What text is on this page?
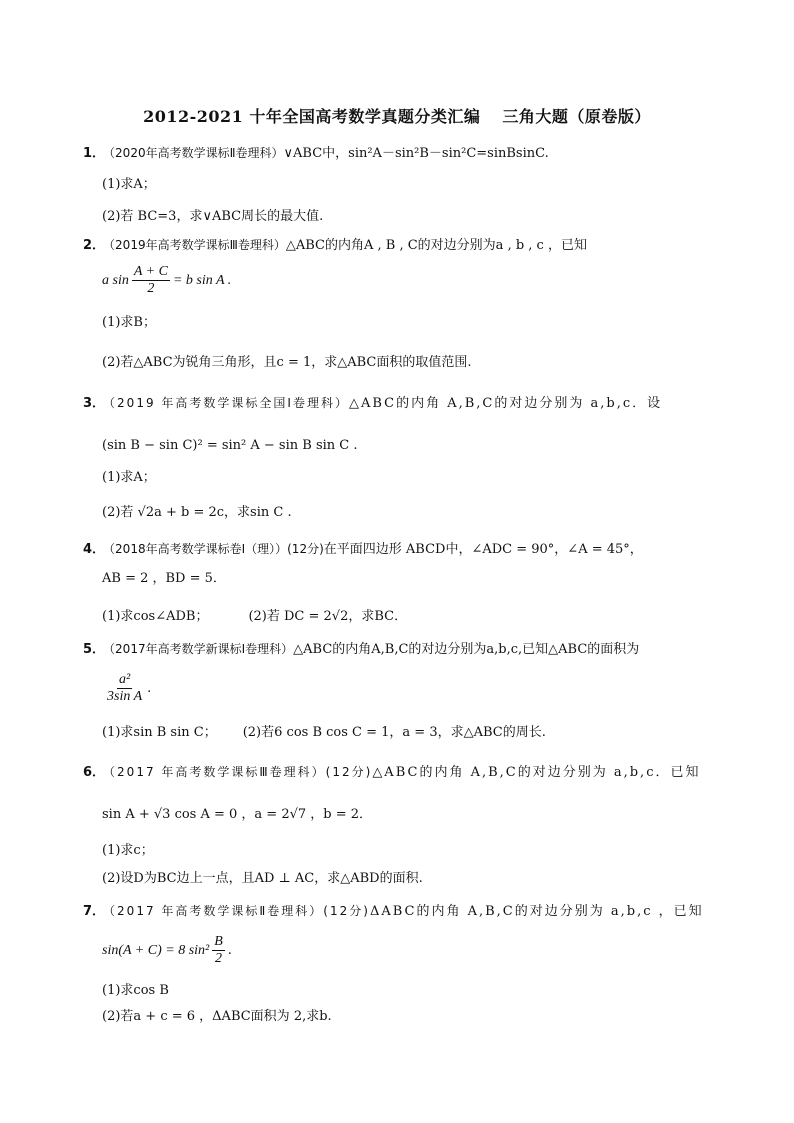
2012-2021 十年全国高考数学真题分类汇编 三角大题（原卷版）
1． （2020年高考数学课标Ⅱ卷理科）∨ABC中，sin²A－sin²B－sin²C=sinBsinC.
(1)求A；
(2)若 BC=3，求∨ABC周长的最大值.
2． （2019年高考数学课标Ⅲ卷理科）△ABC的内角A , B , C的对边分别为a , b , c ，已知
a $\sin \frac{A + C}{2} = b$ sin A .
(1)求B；
(2)若△ABC为锐角三角形，且c = 1，求△ABC面积的取值范围.
3． （2019 年高考数学课标全国Ⅰ卷理科）△ABC的内角 A,B,C的对边分别为 a,b,c．设
(sin B − sin C)² = sin² A − sin B sin C .
(1)求A；
(2)若 √2a + b = 2c，求sin C .
4． （2018年高考数学课标卷Ⅰ（理））(12分)在平面四边形 ABCD中，∠ADC = 90°，∠A = 45°，
AB = 2 ，BD = 5．
(1)求cos∠ADB；	(2)若 DC = 2√2，求BC．
5． （2017年高考数学新课标Ⅰ卷理科）△ABC的内角A,B,C的对边分别为a,b,c,已知△ABC的面积为
$\frac{\text{a²}}{\text{3sin A}}$ .
(1)求sin B sin C； (2)若6 cos B cos C = 1，a = 3，求△ABC的周长.
6． （2017 年高考数学课标Ⅲ卷理科）(12分)△ABC的内角 A,B,C的对边分别为 a,b,c．已知
sin A + √3 cos A = 0 ，a = 2√7 ，b = 2．
(1)求c；
(2)设D为BC边上一点，且AD ⊥ AC，求△ABD的面积.
7． （2017 年高考数学课标Ⅱ卷理科）(12分)ΔABC的内角 A,B,C的对边分别为 a,b,c ，已知
sin(A + C) = 8 $\sin^2 \frac{B}{2}$ .
(1)求cos B
(2)若a + c = 6 ，ΔABC面积为 2,求b.
